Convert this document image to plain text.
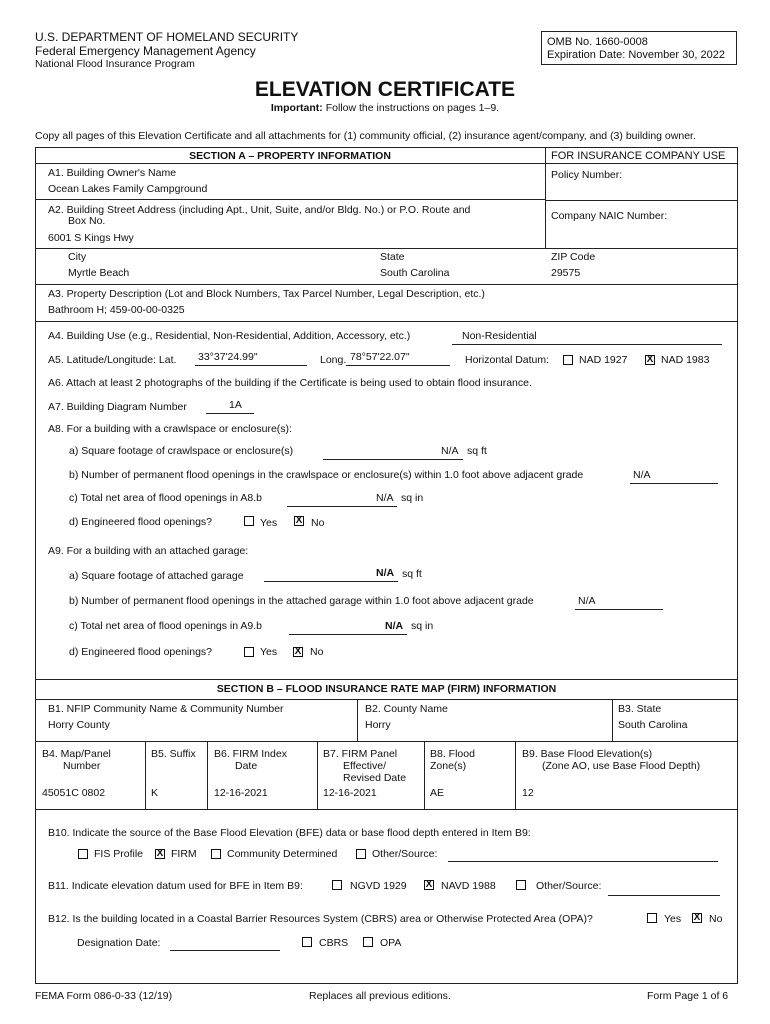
U.S. DEPARTMENT OF HOMELAND SECURITY
Federal Emergency Management Agency
National Flood Insurance Program
OMB No. 1660-0008
Expiration Date: November 30, 2022
ELEVATION CERTIFICATE
Important: Follow the instructions on pages 1–9.
Copy all pages of this Elevation Certificate and all attachments for (1) community official, (2) insurance agent/company, and (3) building owner.
SECTION A – PROPERTY INFORMATION	FOR INSURANCE COMPANY USE
A1. Building Owner's Name
Ocean Lakes Family Campground
Policy Number:
A2. Building Street Address (including Apt., Unit, Suite, and/or Bldg. No.) or P.O. Route and
Box No.
6001 S Kings Hwy
Company NAIC Number:
City
Myrtle Beach
State
South Carolina
ZIP Code
29575
A3. Property Description (Lot and Block Numbers, Tax Parcel Number, Legal Description, etc.)
Bathroom H; 459-00-00-0325
A4. Building Use (e.g., Residential, Non-Residential, Addition, Accessory, etc.)	Non-Residential
A5. Latitude/Longitude: Lat. 33°37'24.99"	Long. 78°57'22.07"	Horizontal Datum:	NAD 1927 X NAD 1983
A6. Attach at least 2 photographs of the building if the Certificate is being used to obtain flood insurance.
A7. Building Diagram Number	1A
A8. For a building with a crawlspace or enclosure(s):
a) Square footage of crawlspace or enclosure(s)	N/A sq ft
b) Number of permanent flood openings in the crawlspace or enclosure(s) within 1.0 foot above adjacent grade	N/A
c) Total net area of flood openings in A8.b	N/A sq in
d) Engineered flood openings?	Yes X No
A9. For a building with an attached garage:
a) Square footage of attached garage	N/A sq ft
b) Number of permanent flood openings in the attached garage within 1.0 foot above adjacent grade	N/A
c) Total net area of flood openings in A9.b	N/A sq in
d) Engineered flood openings?	Yes X No
SECTION B – FLOOD INSURANCE RATE MAP (FIRM) INFORMATION
B1. NFIP Community Name & Community Number
Horry County
B2. County Name
Horry
B3. State
South Carolina
B4. Map/Panel
Number
45051C 0802
B5. Suffix
K
B6. FIRM Index
Date
12-16-2021
B7. FIRM Panel
Effective/
Revised Date
12-16-2021
B8. Flood
Zone(s)
AE
B9. Base Flood Elevation(s)
(Zone AO, use Base Flood Depth)
12
B10. Indicate the source of the Base Flood Elevation (BFE) data or base flood depth entered in Item B9:
FIS Profile X FIRM	Community Determined	Other/Source:
B11. Indicate elevation datum used for BFE in Item B9:	NGVD 1929 X NAVD 1988	Other/Source:
B12. Is the building located in a Coastal Barrier Resources System (CBRS) area or Otherwise Protected Area (OPA)?	Yes X No
Designation Date:	CBRS	OPA
FEMA Form 086-0-33 (12/19)	Replaces all previous editions.	Form Page 1 of 6
